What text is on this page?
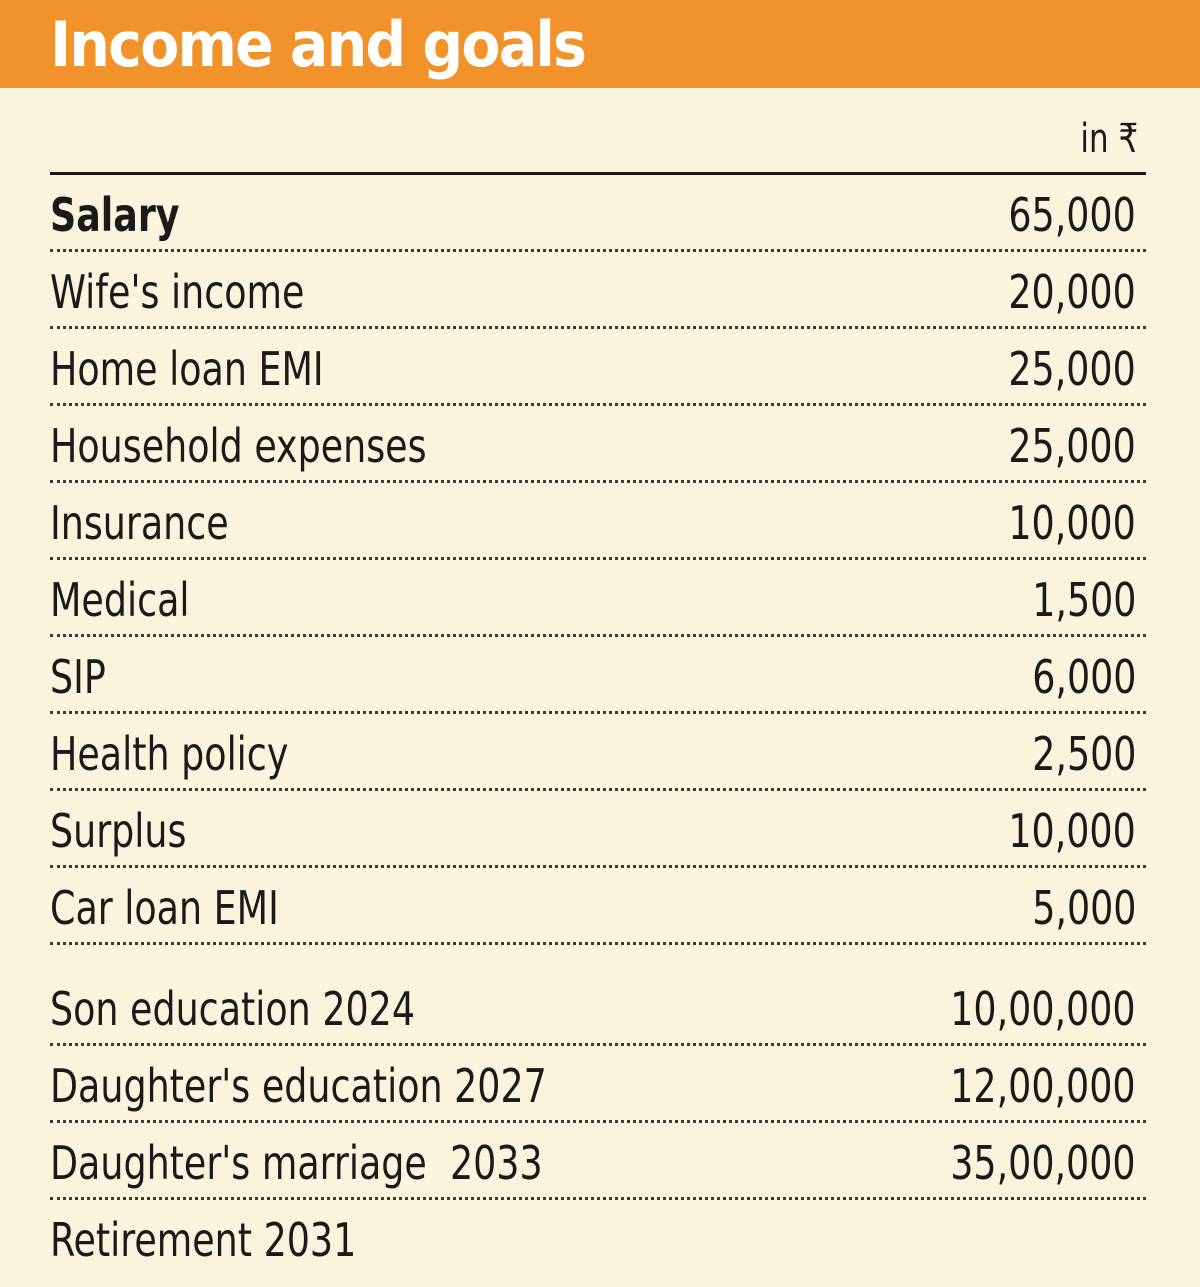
Income and goals
in ₹
Salary	65,000
Wife's income	20,000
Home loan EMI	25,000
Household expenses	25,000
Insurance	10,000
Medical	1,500
SIP	6,000
Health policy	2,500
Surplus	10,000
Car loan EMI	5,000
Son education 2024	10,00,000
Daughter's education 2027	12,00,000
Daughter's marriage  2033	35,00,000
Retirement 2031
